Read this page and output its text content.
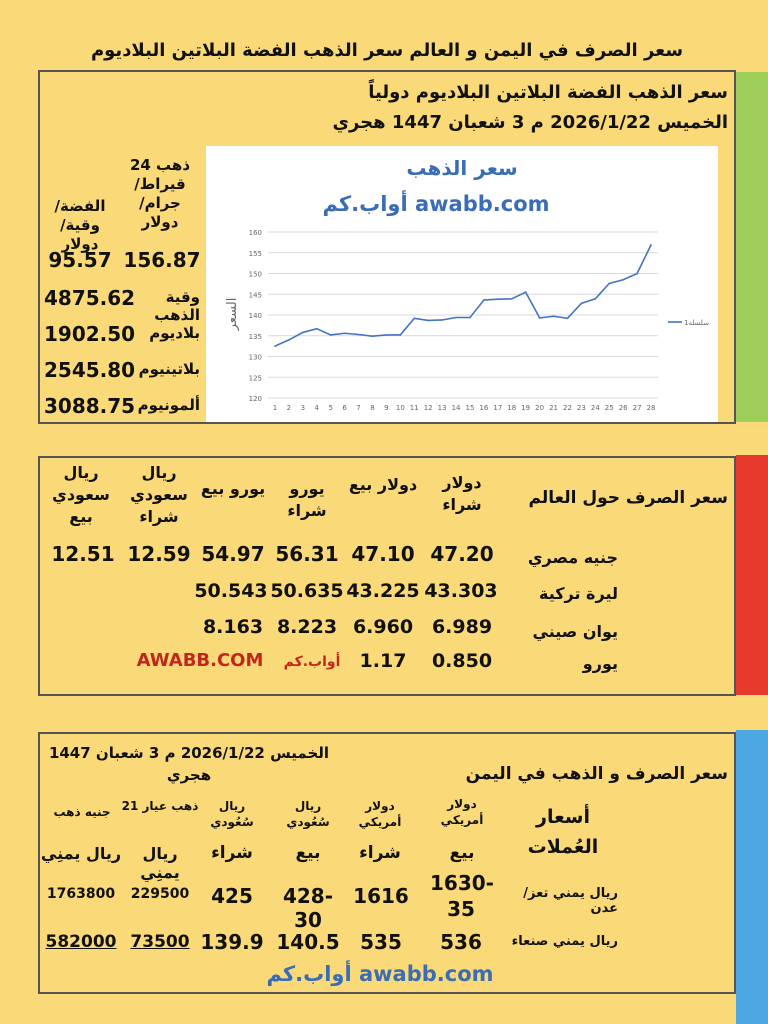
سعر الصرف في اليمن و العالم سعر الذهب الفضة البلاتين البلاديوم
سعر الذهب الفضة البلاتين البلاديوم دولياً
الخميس 2026/1/22 م 3 شعبان 1447 هجري
ذهب 24 قيراط/ جرام/ دولار
الفضة/ وقية/ دولار
156.87
95.57
4875.62	وقية الذهب
1902.50 بلاديوم
2545.80 بلاتينيوم
3088.75 ألمونيوم
سعر الذهب
awabb.com أواب.كم
السعر
120
125
130
135
140
145
150
155
160
1 2 3 4 5 6 7 8 9 10 11 12 13 14 15 16 17 18 19 20 21 22 23 24 25 26 27 28
سلسلة1
سعر الصرف حول العالم
دولار شراء
دولار بيع
يورو شراء
يورو بيع
ريال سعودي شراء
ريال سعودي بيع
جنيه مصري
47.20
47.10
56.31
54.97
12.59
12.51
ليرة تركية
43.303
43.225
50.635
50.543
يوان صيني
6.989
6.960
8.223
8.163
يورو
0.850
1.17
أواب.كم
AWABB.COM
الخميس 2026/1/22 م 3 شعبان 1447 هجري	سعر الصرف و الذهب في اليمن
أسعار العُملات
دولار أمريكي
بيع
دولار أمريكي
شراء
ريال سُعُودي
بيع
ريال سُعُودي
شراء
ذهب عيار 21
ريال يمنِي
جنيه ذهب
ريال يمنِي
ريال يمني تعز/عدن
1630-35
1616
428-30
425
229500
1763800
ريال يمني صنعاء
536
535
140.5
139.9
73500
582000
awabb.com أواب.كم
